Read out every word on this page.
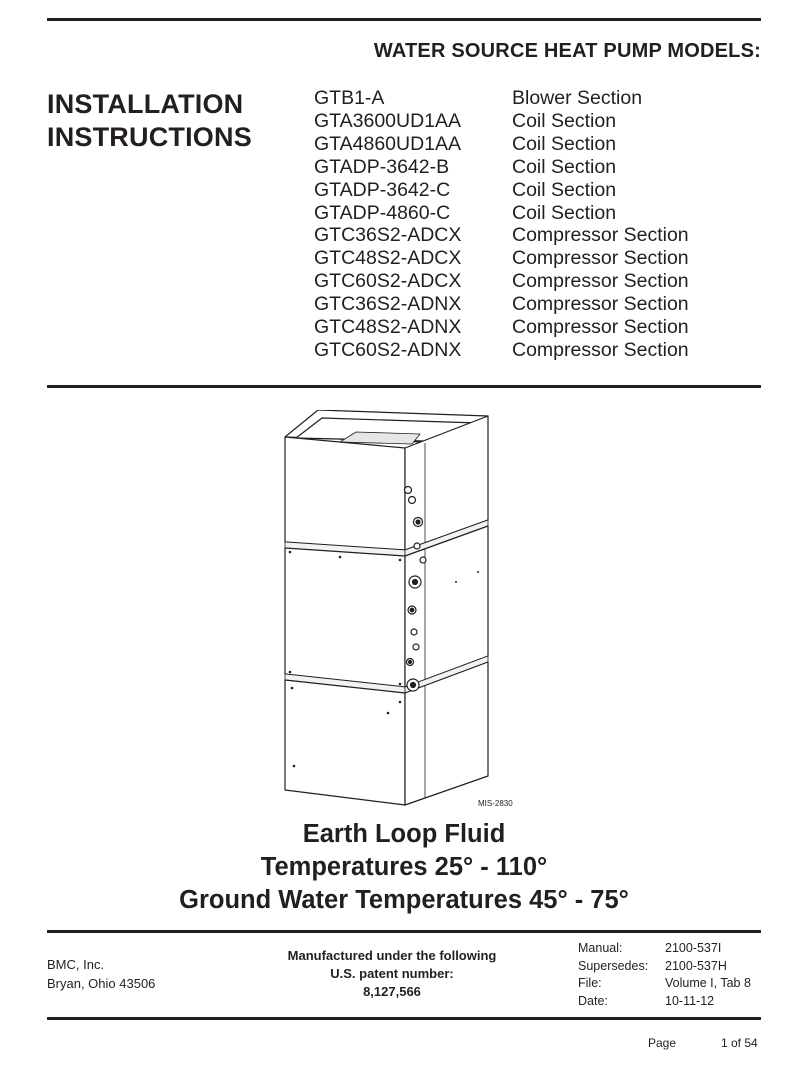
WATER SOURCE HEAT PUMP MODELS:
INSTALLATION
INSTRUCTIONS
GTB1-A	Blower Section
GTA3600UD1AA	Coil Section
GTA4860UD1AA	Coil Section
GTADP-3642-B	Coil Section
GTADP-3642-C	Coil Section
GTADP-4860-C	Coil Section
GTC36S2-ADCX	Compressor Section
GTC48S2-ADCX	Compressor Section
GTC60S2-ADCX	Compressor Section
GTC36S2-ADNX	Compressor Section
GTC48S2-ADNX	Compressor Section
GTC60S2-ADNX	Compressor Section
MIS-2830
Earth Loop Fluid
Temperatures 25° - 110°
Ground Water Temperatures 45° - 75°
BMC, Inc.
Bryan, Ohio 43506
Manufactured under the following
U.S. patent number:
8,127,566
Manual:	2100-537I
Supersedes:	2100-537H
File:	Volume I, Tab 8
Date:	10-11-12
Page	1 of 54
